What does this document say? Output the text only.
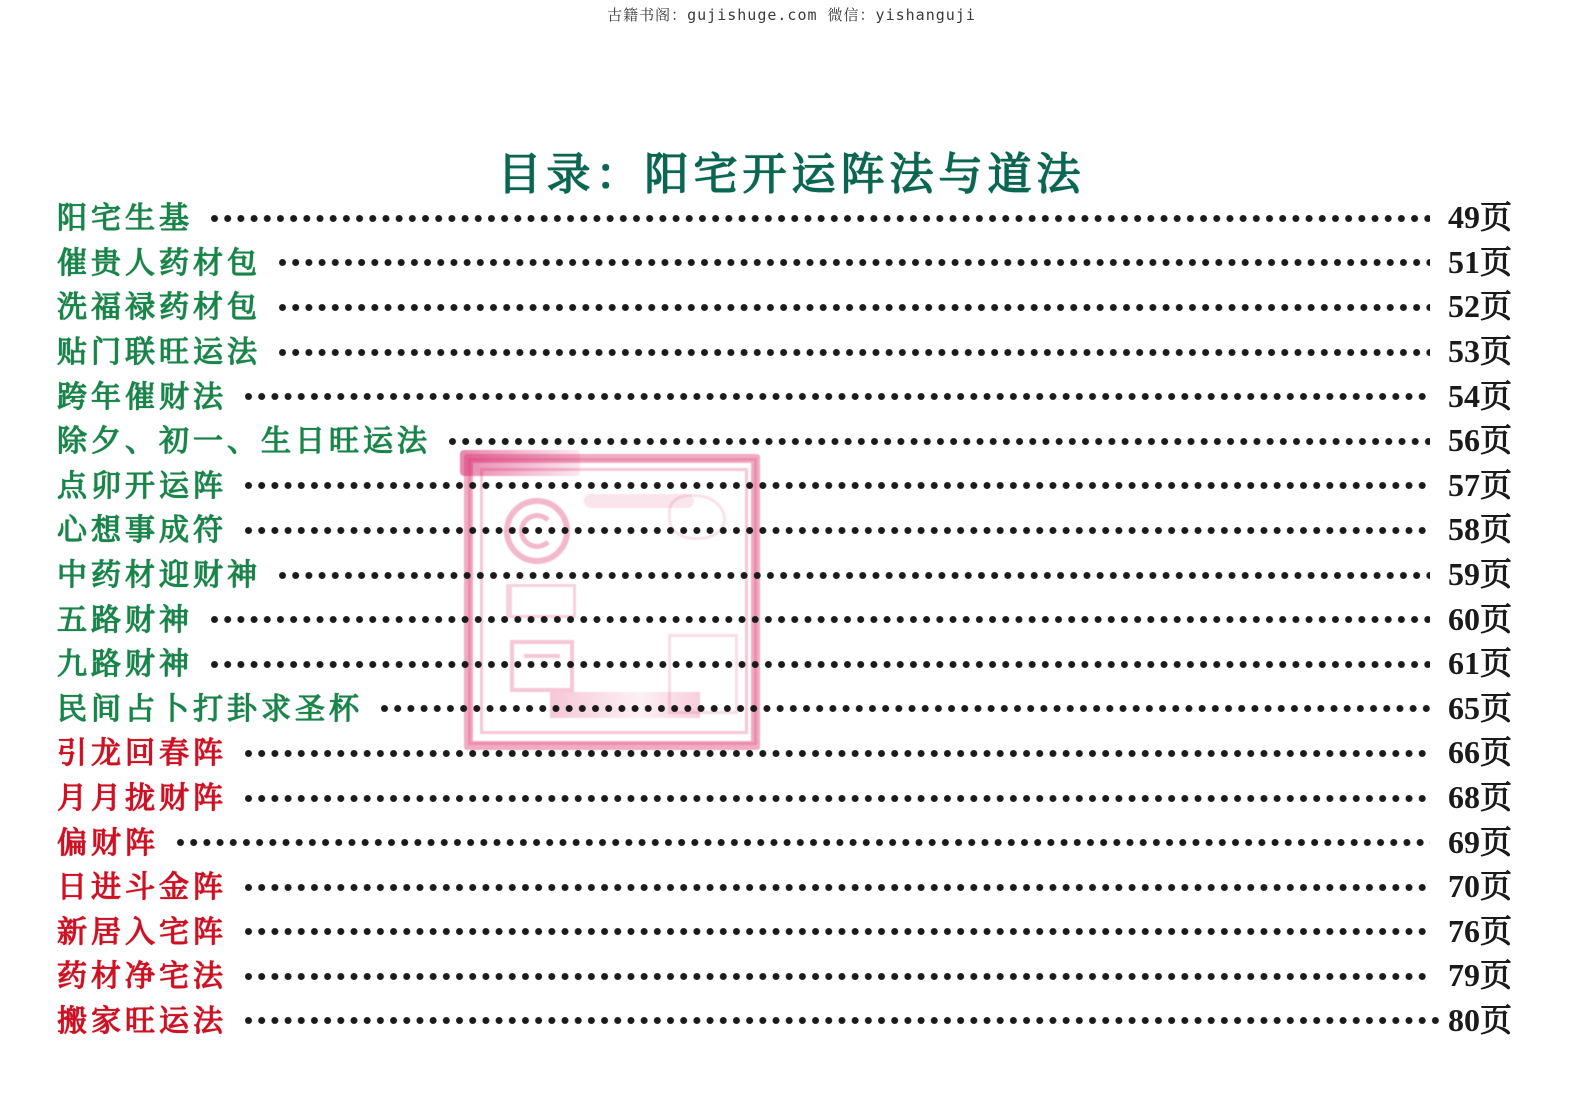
古籍书阁：gujishuge.com 微信：yishanguji
目录：阳宅开运阵法与道法
阳宅生基	49页
催贵人药材包	51页
洗福禄药材包	52页
贴门联旺运法	53页
跨年催财法	54页
除夕、初一、生日旺运法	56页
点卯开运阵	57页
心想事成符	58页
中药材迎财神	59页
五路财神	60页
九路财神	61页
民间占卜打卦求圣杯	65页
引龙回春阵	66页
月月拢财阵	68页
偏财阵	69页
日进斗金阵	70页
新居入宅阵	76页
药材净宅法	79页
搬家旺运法	80页
